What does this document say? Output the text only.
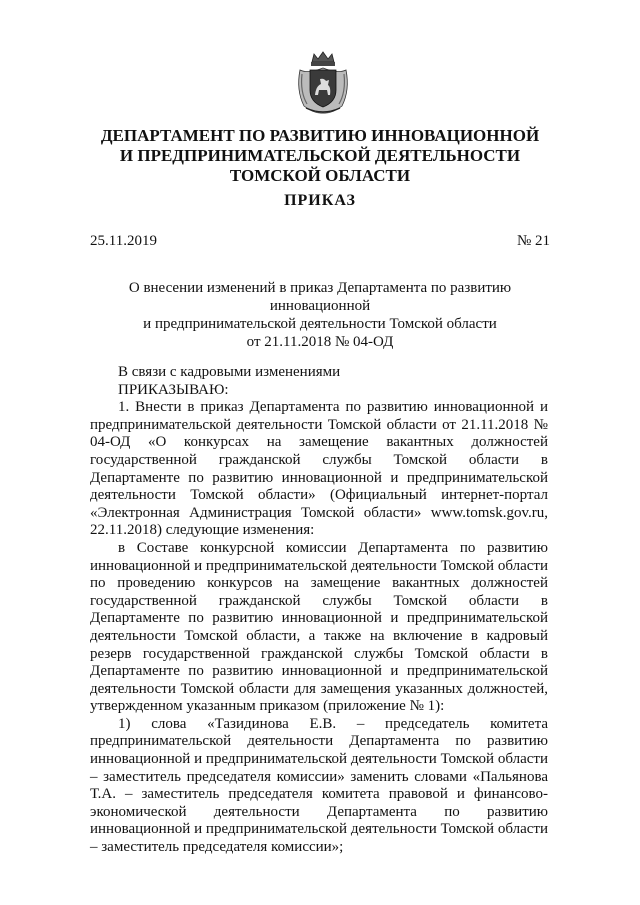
ДЕПАРТАМЕНТ ПО РАЗВИТИЮ ИННОВАЦИОННОЙ
И ПРЕДПРИНИМАТЕЛЬСКОЙ ДЕЯТЕЛЬНОСТИ
ТОМСКОЙ ОБЛАСТИ
ПРИКАЗ
25.11.2019	№ 21
О внесении изменений в приказ Департамента по развитию инновационной
и предпринимательской деятельности Томской области
от 21.11.2018 № 04-ОД

В связи с кадровыми изменениями

ПРИКАЗЫВАЮ:

1. Внести в приказ Департамента по развитию инновационной и предпринимательской деятельности Томской области от 21.11.2018 № 04-ОД «О конкурсах на замещение вакантных должностей государственной гражданской службы Томской области в Департаменте по развитию инновационной и предпринимательской деятельности Томской области» (Официальный интернет-портал «Электронная Администрация Томской области» www.tomsk.gov.ru, 22.11.2018) следующие изменения:

в Составе конкурсной комиссии Департамента по развитию инновационной и предпринимательской деятельности Томской области по проведению конкурсов на замещение вакантных должностей государственной гражданской службы Томской области в Департаменте по развитию инновационной и предпринимательской деятельности Томской области, а также на включение в кадровый резерв государственной гражданской службы Томской области в Департаменте по развитию инновационной и предпринимательской деятельности Томской области для замещения указанных должностей, утвержденном указанным приказом (приложение № 1):

1) слова «Тазидинова Е.В. – председатель комитета предпринимательской деятельности Департамента по развитию инновационной и предпринимательской деятельности Томской области – заместитель председателя комиссии» заменить словами «Пальянова Т.А. – заместитель председателя комитета правовой и финансово-экономической деятельности Департамента по развитию инновационной и предпринимательской деятельности Томской области – заместитель председателя комиссии»;
